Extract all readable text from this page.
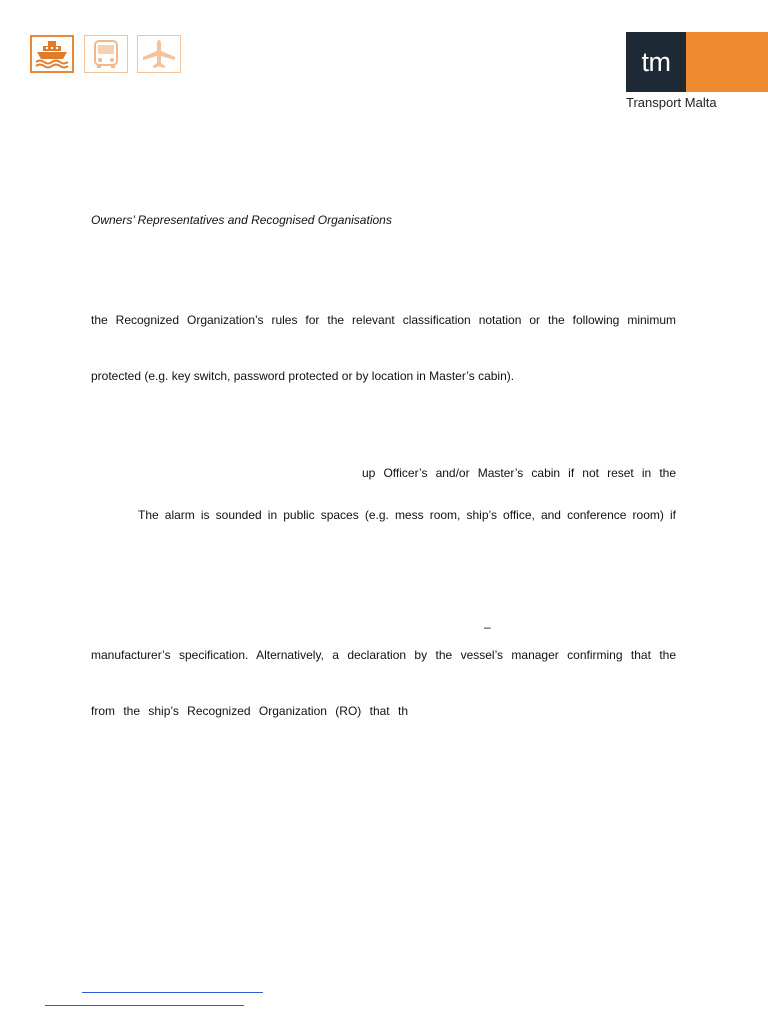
tm
Transport Malta
Owners’ Representatives and Recognised Organisations
the Recognized Organization’s rules for the relevant classification notation or the following minimum
protected (e.g. key switch, password protected or by location in Master’s cabin).
up Officer’s and/or Master’s cabin if not reset in the
The alarm is sounded in public spaces (e.g. mess room, ship’s office, and conference room) if
–
manufacturer’s specification. Alternatively, a declaration by the vessel’s manager confirming that the
from the ship’s Recognized Organization (RO) that th
